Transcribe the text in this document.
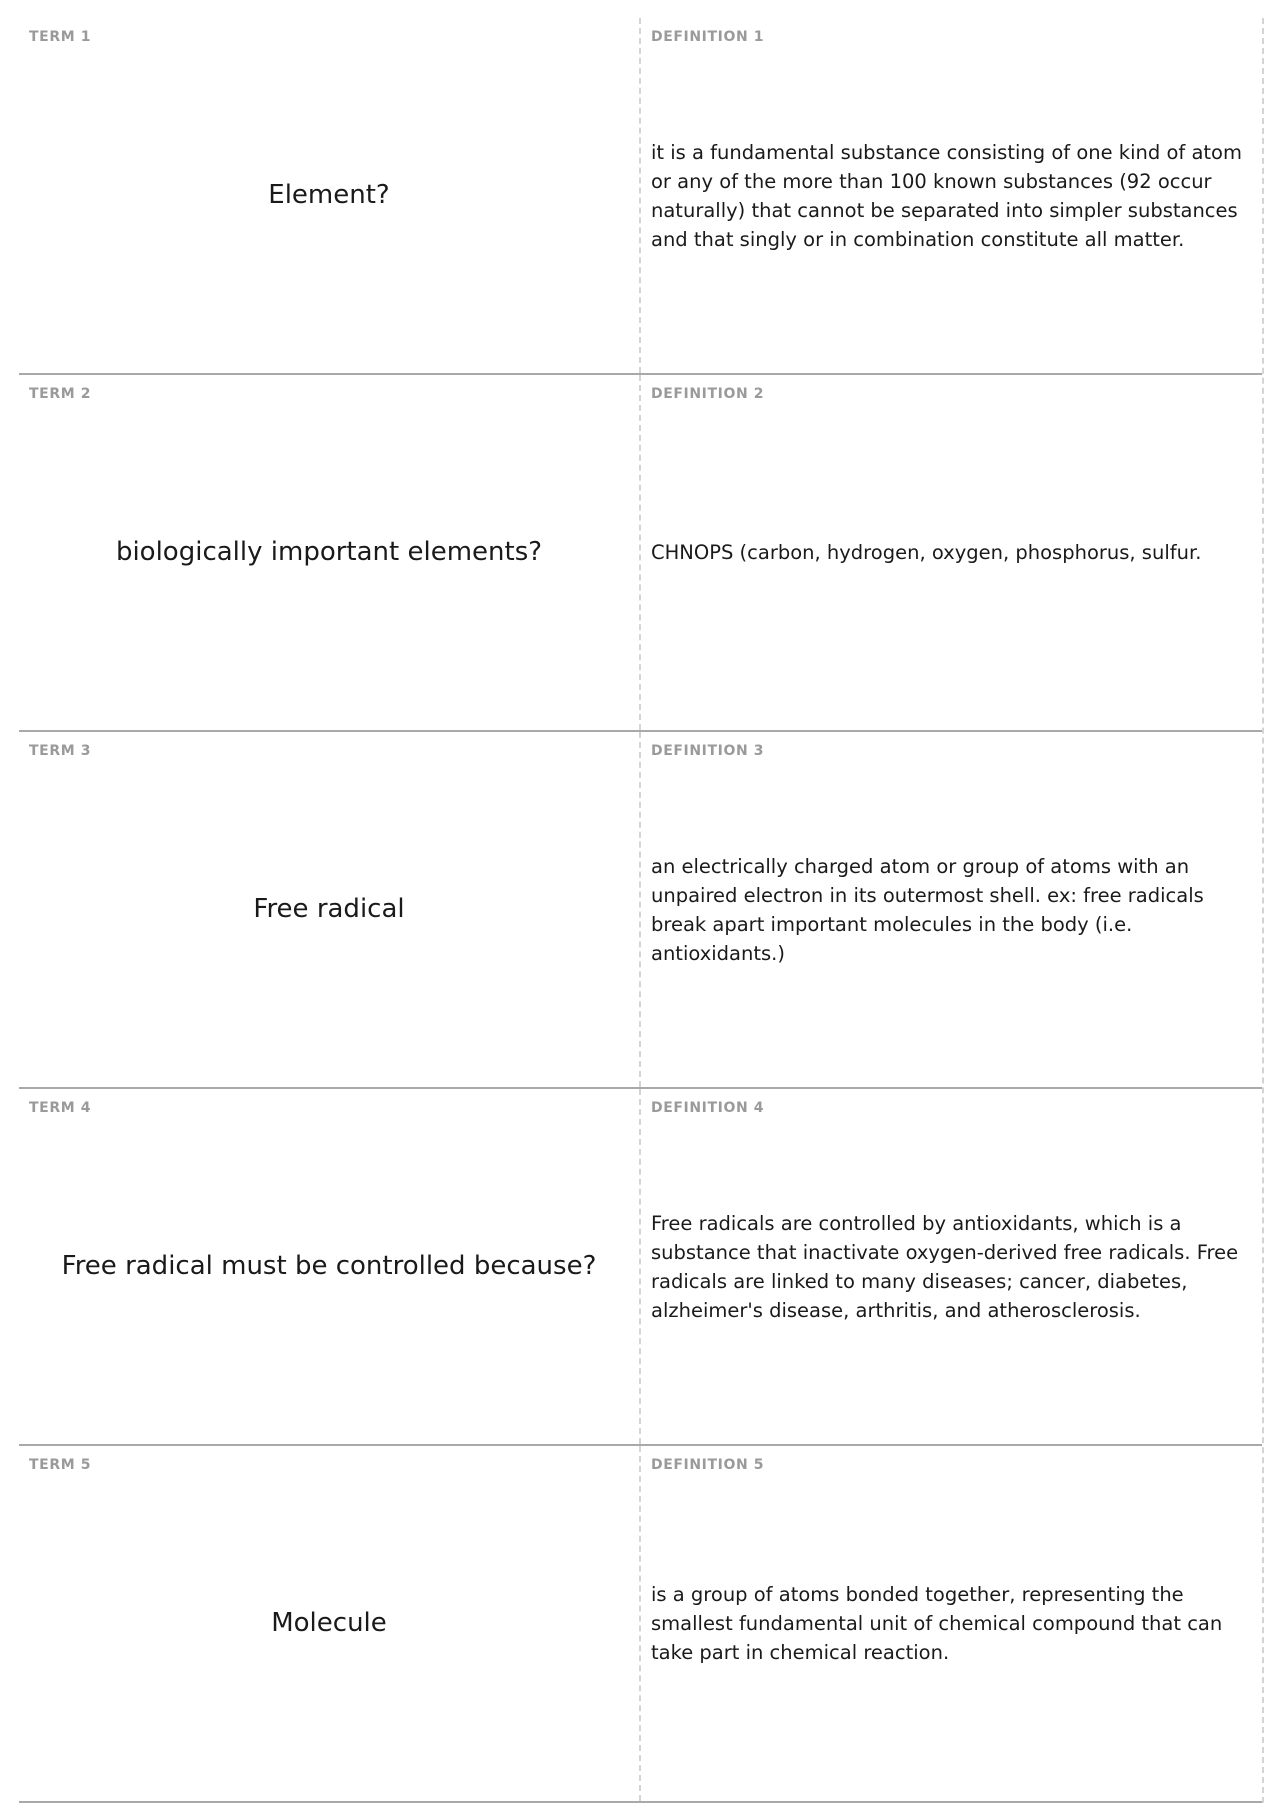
TERM 1
Element?
DEFINITION 1
it is a fundamental substance consisting of one kind of atom or any of the more than 100 known substances (92 occur naturally) that cannot be separated into simpler substances and that singly or in combination constitute all matter.
TERM 2
biologically important elements?
DEFINITION 2
CHNOPS (carbon, hydrogen, oxygen, phosphorus, sulfur.
TERM 3
Free radical
DEFINITION 3
an electrically charged atom or group of atoms with an unpaired electron in its outermost shell. ex: free radicals break apart important molecules in the body (i.e. antioxidants.)
TERM 4
Free radical must be controlled because?
DEFINITION 4
Free radicals are controlled by antioxidants, which is a substance that inactivate oxygen-derived free radicals. Free radicals are linked to many diseases; cancer, diabetes, alzheimer's disease, arthritis, and atherosclerosis.
TERM 5
Molecule
DEFINITION 5
is a group of atoms bonded together, representing the smallest fundamental unit of chemical compound that can take part in chemical reaction.
